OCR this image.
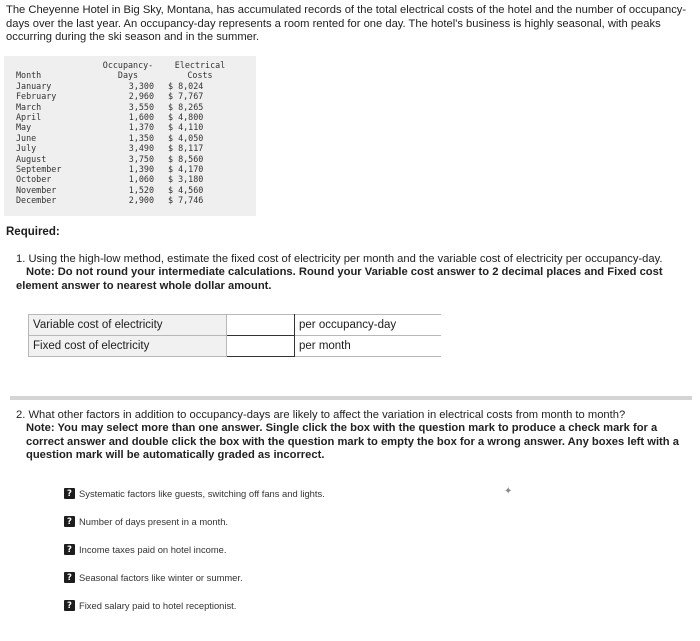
The Cheyenne Hotel in Big Sky, Montana, has accumulated records of the total electrical costs of the hotel and the number of occupancy-days over the last year. An occupancy-day represents a room rented for one day. The hotel's business is highly seasonal, with peaks occurring during the ski season and in the summer.
	Occupancy-	Electrical
Month	Days	Costs
January	3,300	$ 8,024
February	2,960	$ 7,767
March	3,550	$ 8,265
April	1,600	$ 4,800
May	1,370	$ 4,110
June	1,350	$ 4,050
July	3,490	$ 8,117
August	3,750	$ 8,560
September	1,390	$ 4,170
October	1,060	$ 3,180
November	1,520	$ 4,560
December	2,900	$ 7,746
Required:
1. Using the high-low method, estimate the fixed cost of electricity per month and the variable cost of electricity per occupancy-day.
Note: Do not round your intermediate calculations. Round your Variable cost answer to 2 decimal places and Fixed cost element answer to nearest whole dollar amount.
Variable cost of electricity		per occupancy-day
Fixed cost of electricity		per month
2. What other factors in addition to occupancy-days are likely to affect the variation in electrical costs from month to month?
Note: You may select more than one answer. Single click the box with the question mark to produce a check mark for a correct answer and double click the box with the question mark to empty the box for a wrong answer. Any boxes left with a question mark will be automatically graded as incorrect.
? Systematic factors like guests, switching off fans and lights.
? Number of days present in a month.
? Income taxes paid on hotel income.
? Seasonal factors like winter or summer.
? Fixed salary paid to hotel receptionist.
✦
